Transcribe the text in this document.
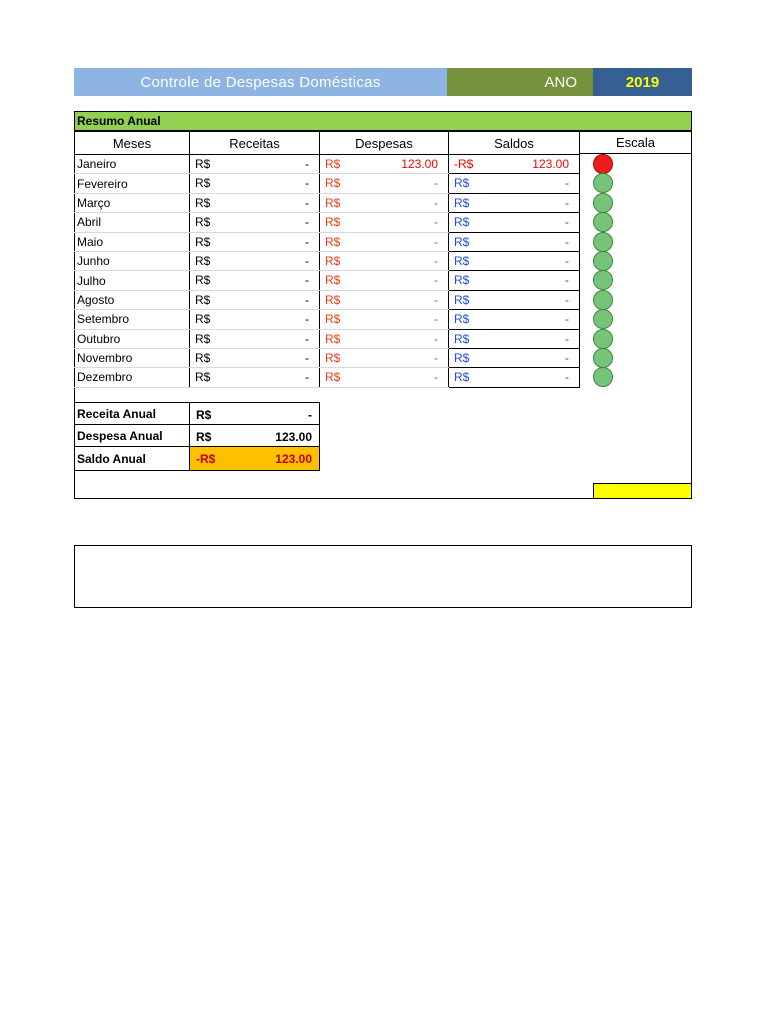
Controle de Despesas Domésticas	ANO	2019
Resumo Anual
Meses	Receitas	Despesas	Saldos
Janeiro	R$ -	R$ 123.00	-R$ 123.00

Fevereiro	R$ -	R$ -	R$ -

Março	R$ -	R$ -	R$ -

Abril	R$ -	R$ -	R$ -

Maio	R$ -	R$ -	R$ -

Junho	R$ -	R$ -	R$ -

Julho	R$ -	R$ -	R$ -

Agosto	R$ -	R$ -	R$ -

Setembro	R$ -	R$ -	R$ -

Outubro	R$ -	R$ -	R$ -

Novembro	R$ -	R$ -	R$ -

Dezembro	R$ -	R$ -	R$ -
Escala
Receita Anual	R$ -

Despesa Anual	R$ 123.00

Saldo Anual	-R$ 123.00
